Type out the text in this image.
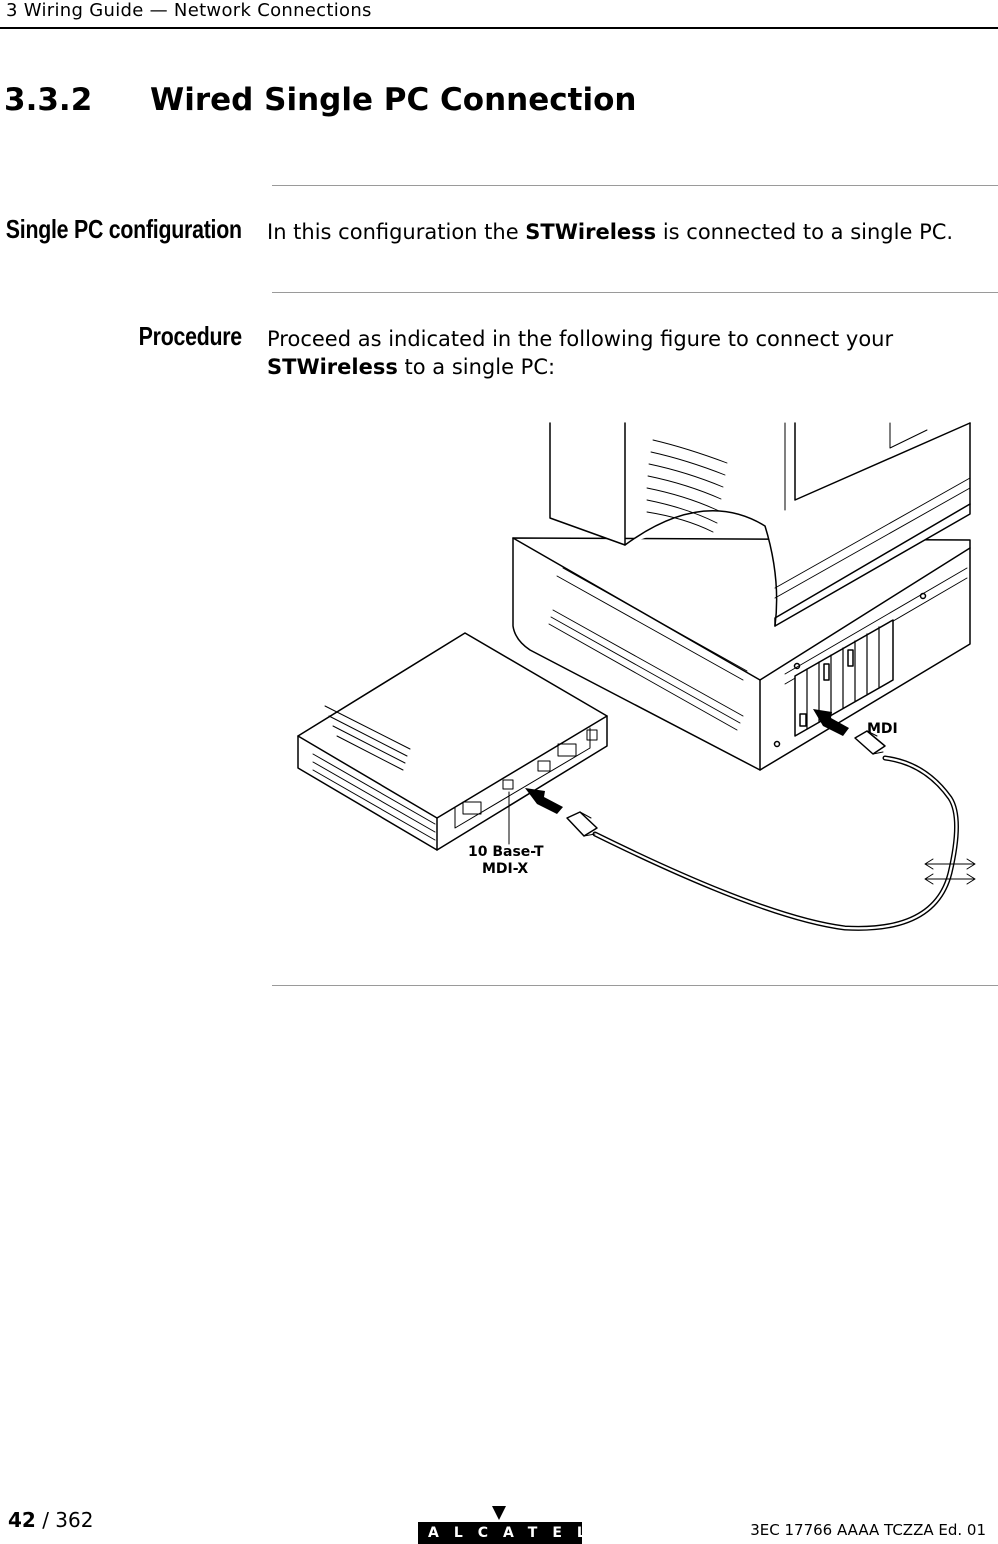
3 Wiring Guide — Network Connections
3.3.2 Wired Single PC Connection
Single PC configuration In this configuration the STWireless is connected to a single PC.
Procedure Proceed as indicated in the following figure to connect your
STWireless to a single PC:
MDI
10 Base-T
MDI-X
42 / 362
ALCATEL	3EC 17766 AAAA TCZZA Ed. 01
